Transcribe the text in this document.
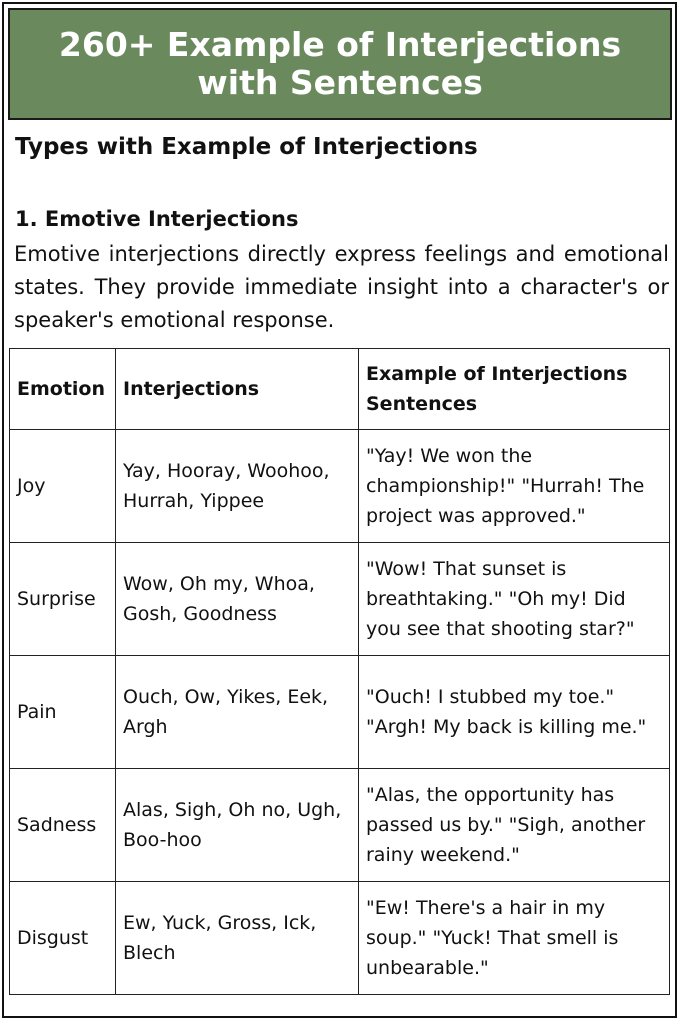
260+ Example of Interjections with Sentences
Types with Example of Interjections
1. Emotive Interjections

Emotive interjections directly express feelings and emotional states. They provide immediate insight into a character's or speaker's emotional response.

Emotion	Interjections	Example of Interjections Sentences
Joy	Yay, Hooray, Woohoo, Hurrah, Yippee	"Yay! We won the championship!" "Hurrah! The project was approved."
Surprise	Wow, Oh my, Whoa, Gosh, Goodness	"Wow! That sunset is breathtaking." "Oh my! Did you see that shooting star?"
Pain	Ouch, Ow, Yikes, Eek, Argh	"Ouch! I stubbed my toe." "Argh! My back is killing me."
Sadness	Alas, Sigh, Oh no, Ugh, Boo-hoo	"Alas, the opportunity has passed us by." "Sigh, another rainy weekend."
Disgust	Ew, Yuck, Gross, Ick, Blech	"Ew! There's a hair in my soup." "Yuck! That smell is unbearable."
